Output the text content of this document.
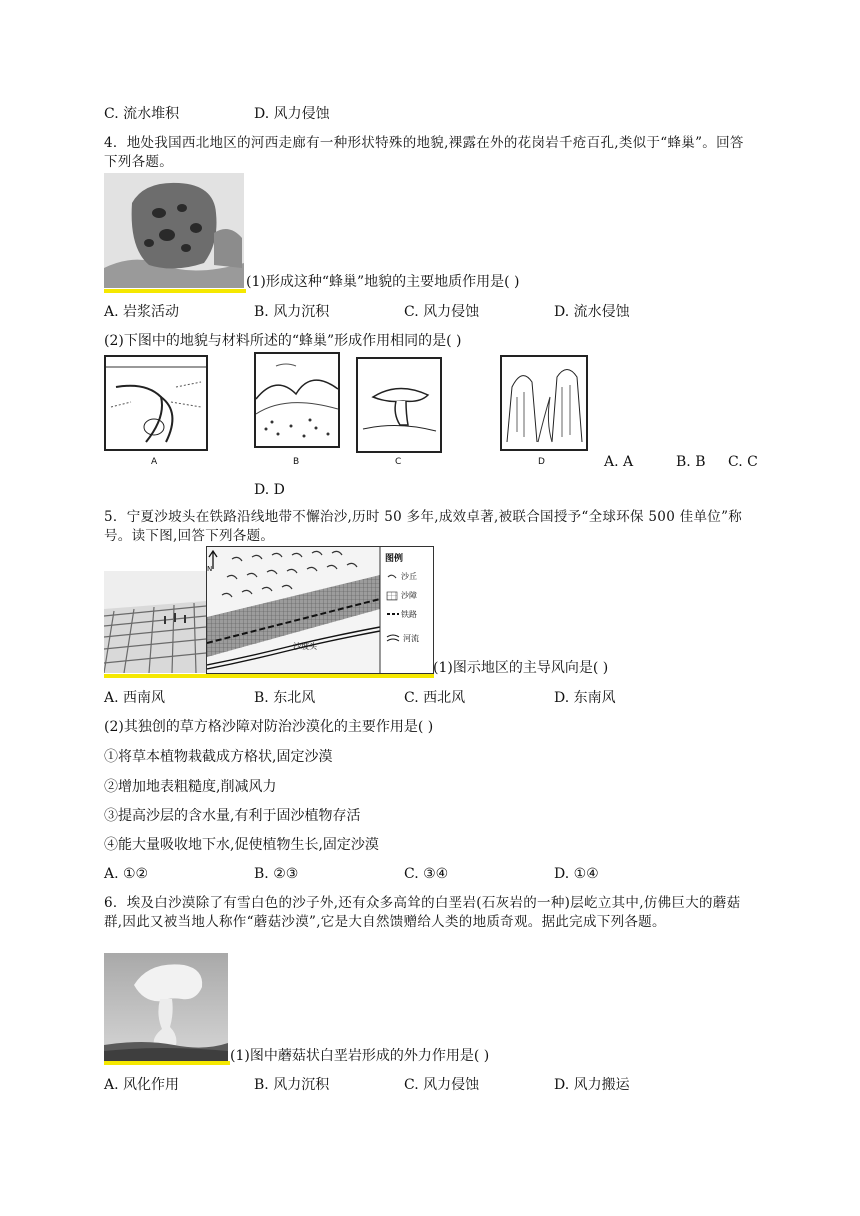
C. 流水堆积	D. 风力侵蚀
4．地处我国西北地区的河西走廊有一种形状特殊的地貌,裸露在外的花岗岩千疮百孔,类似于“蜂巢”。回答下列各题。
(1)形成这种“蜂巢”地貌的主要地质作用是( )
A. 岩浆活动	B. 风力沉积	C. 风力侵蚀	D. 流水侵蚀
(2)下图中的地貌与材料所述的“蜂巢”形成作用相同的是( )
A	B	C	D	A. A	B. B C. C
D. D
5．宁夏沙坡头在铁路沿线地带不懈治沙,历时 50 多年,成效卓著,被联合国授予“全球环保 500 佳单位”称号。读下图,回答下列各题。
N
图例
沙丘
沙障
铁路
河流
沙坡头
(1)图示地区的主导风向是( )
A. 西南风	B. 东北风	C. 西北风	D. 东南风
(2)其独创的草方格沙障对防治沙漠化的主要作用是( )
①将草本植物栽截成方格状,固定沙漠
②增加地表粗糙度,削减风力
③提高沙层的含水量,有利于固沙植物存活
④能大量吸收地下水,促使植物生长,固定沙漠
A. ①②	B. ②③	C. ③④	D. ①④
6．埃及白沙漠除了有雪白色的沙子外,还有众多高耸的白垩岩(石灰岩的一种)层屹立其中,仿佛巨大的蘑菇群,因此又被当地人称作“蘑菇沙漠”,它是大自然馈赠给人类的地质奇观。据此完成下列各题。
(1)图中蘑菇状白垩岩形成的外力作用是( )
A. 风化作用	B. 风力沉积	C. 风力侵蚀	D. 风力搬运
